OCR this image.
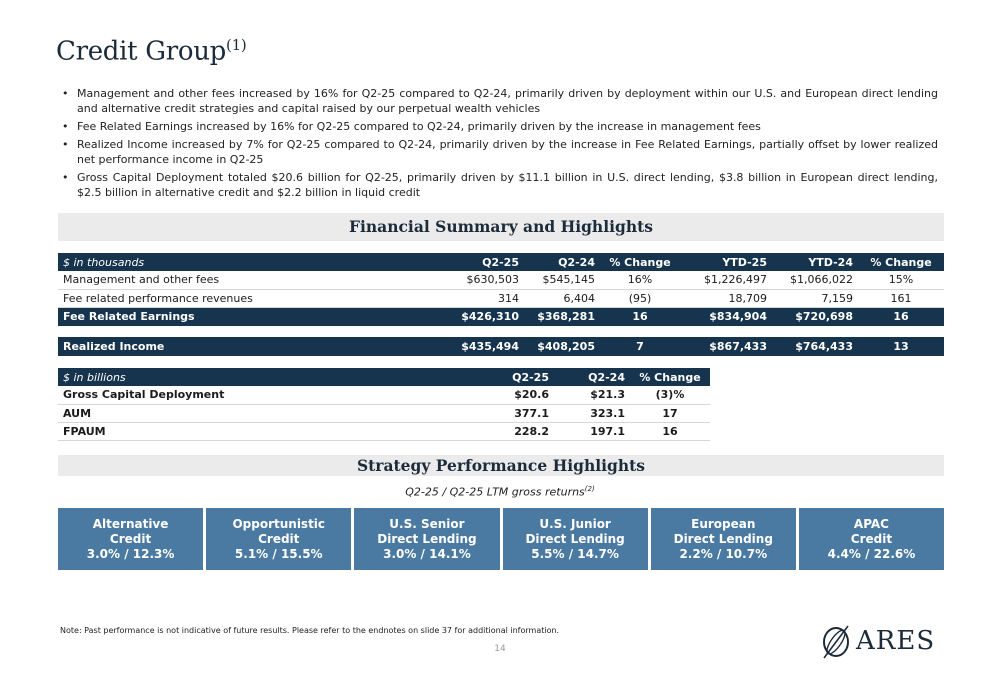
Credit Group$^{(1)}$
• Management and other fees increased by 16% for Q2-25 compared to Q2-24, primarily driven by deployment within our U.S. and European direct lending and alternative credit strategies and capital raised by our perpetual wealth vehicles
• Fee Related Earnings increased by 16% for Q2-25 compared to Q2-24, primarily driven by the increase in management fees
• Realized Income increased by 7% for Q2-25 compared to Q2-24, primarily driven by the increase in Fee Related Earnings, partially offset by lower realized net performance income in Q2-25
• Gross Capital Deployment totaled $20.6 billion for Q2-25, primarily driven by $11.1 billion in U.S. direct lending, $3.8 billion in European direct lending, $2.5 billion in alternative credit and $2.2 billion in liquid credit
Financial Summary and Highlights
$ in thousands	Q2-25	Q2-24	% Change	YTD-25	YTD-24	% Change
Management and other fees	$630,503	$545,145	16%	$1,226,497	$1,066,022	15%
Fee related performance revenues	314	6,404	(95)	18,709	7,159	161
Fee Related Earnings	$426,310	$368,281	16	$834,904	$720,698	16
Realized Income	$435,494	$408,205	7	$867,433	$764,433	13
$ in billions	Q2-25	Q2-24	% Change
Gross Capital Deployment	$20.6	$21.3	(3)%
AUM	377.1	323.1	17
FPAUM	228.2	197.1	16
Strategy Performance Highlights
Q2-25 / Q2-25 LTM gross returns$^{(2)}$
Alternative
Credit
3.0% / 12.3%
Opportunistic
Credit
5.1% / 15.5%
U.S. Senior
Direct Lending
3.0% / 14.1%
U.S. Junior
Direct Lending
5.5% / 14.7%
European
Direct Lending
2.2% / 10.7%
APAC
Credit
4.4% / 22.6%
Note: Past performance is not indicative of future results. Please refer to the endnotes on slide 37 for additional information.
14	ARES
